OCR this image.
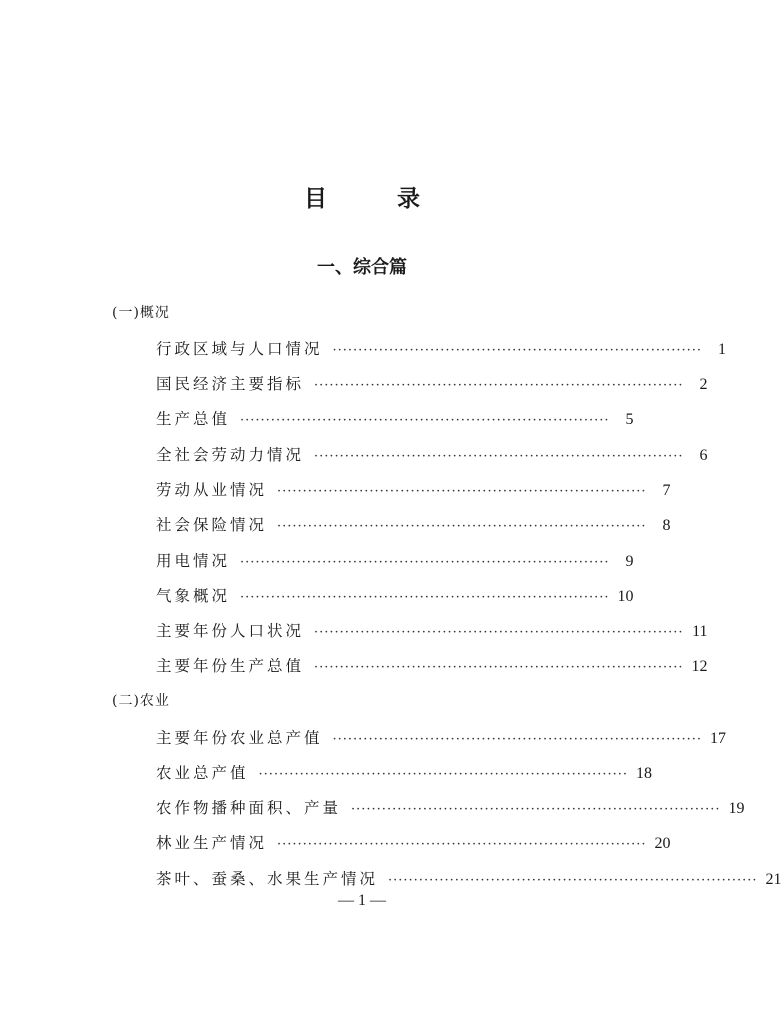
目	录
一、综合篇
(一)概况
行政区域与人口情况 ········································································	1
国民经济主要指标 ········································································	2
生产总值 ········································································	5
全社会劳动力情况 ········································································	6
劳动从业情况 ········································································	7
社会保险情况 ········································································	8
用电情况 ········································································	9
气象概况 ········································································ 10
主要年份人口状况 ········································································ 11
主要年份生产总值 ········································································ 12
(二)农业
主要年份农业总产值 ········································································ 17
农业总产值 ········································································ 18
农作物播种面积、产量 ········································································ 19
林业生产情况 ········································································ 20
茶叶、蚕桑、水果生产情况 ········································································ 21
— 1 —
